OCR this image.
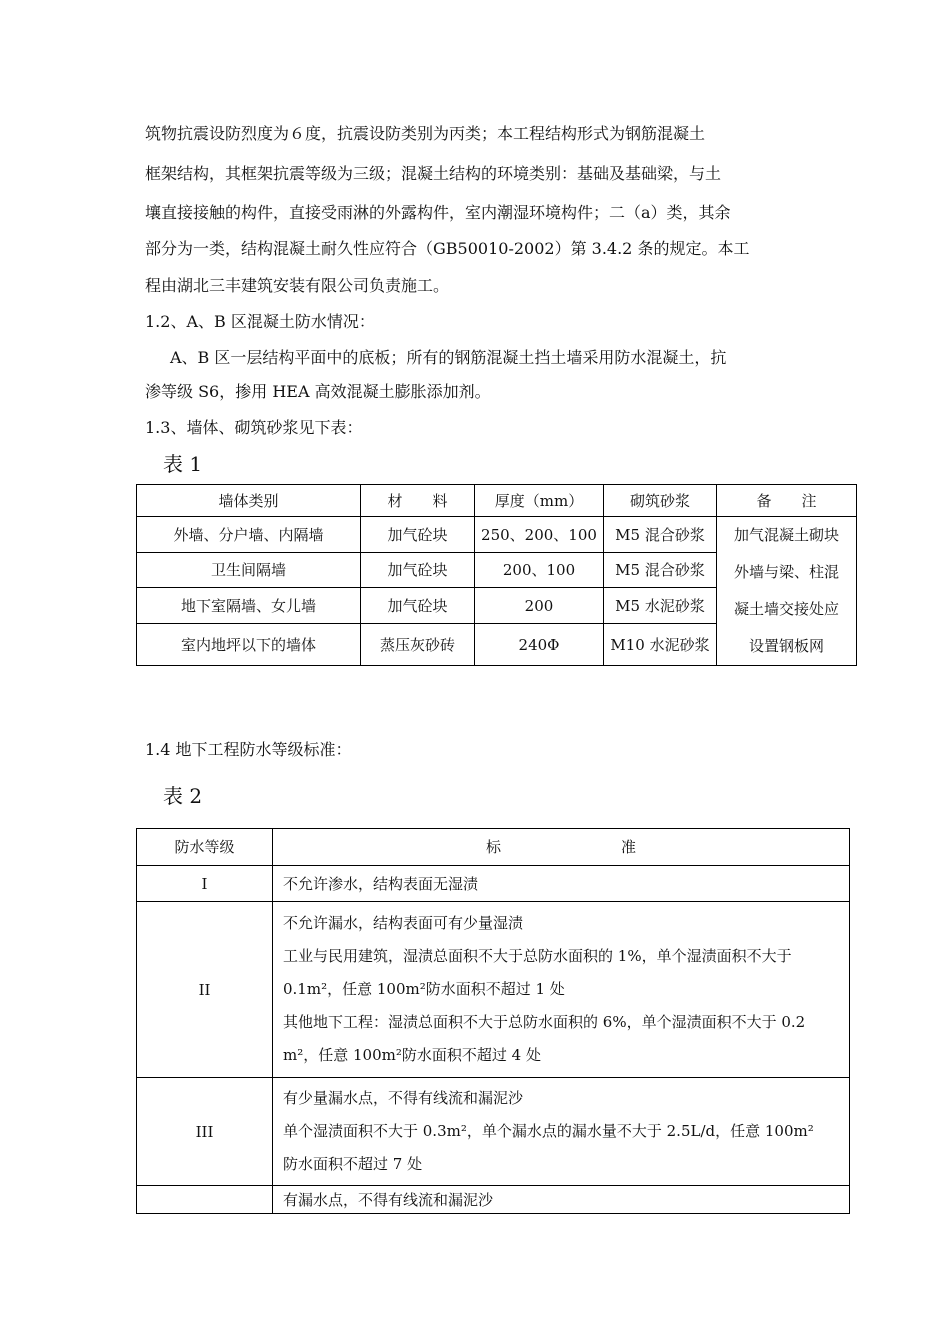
筑物抗震设防烈度为６度，抗震设防类别为丙类；本工程结构形式为钢筋混凝土
框架结构，其框架抗震等级为三级；混凝土结构的环境类别：基础及基础梁，与土
壤直接接触的构件，直接受雨淋的外露构件，室内潮湿环境构件；二（a）类，其余
部分为一类，结构混凝土耐久性应符合（GB50010-2002）第 3.4.2 条的规定。本工
程由湖北三丰建筑安装有限公司负责施工。
1.2、A、B 区混凝土防水情况：
A、B 区一层结构平面中的底板；所有的钢筋混凝土挡土墙采用防水混凝土，抗
渗等级 S6，掺用 HEA 高效混凝土膨胀添加剂。
1.3、墙体、砌筑砂浆见下表：
表 1
墙体类别	材　　料	厚度（mm）	砌筑砂浆	备　　注
外墙、分户墙、内隔墙	加气砼块	250、200、100	M5 混合砂浆	加气混凝土砌块
外墙与梁、柱混
凝土墙交接处应
设置钢板网

卫生间隔墙	加气砼块	200、100	M5 混合砂浆	
地下室隔墙、女儿墙	加气砼块	200	M5 水泥砂浆	
室内地坪以下的墙体	蒸压灰砂砖	240Φ	M10 水泥砂浆	
1.4 地下工程防水等级标准：
表 2
防水等级	标　　　　　　　　准
I	不允许渗水，结构表面无湿渍
II	不允许漏水，结构表面可有少量湿渍
工业与民用建筑，湿渍总面积不大于总防水面积的 1%，单个湿渍面积不大于
0.1m²，任意 100m²防水面积不超过 1 处
其他地下工程：湿渍总面积不大于总防水面积的 6%，单个湿渍面积不大于 0.2
m²，任意 100m²防水面积不超过 4 处

III	有少量漏水点，不得有线流和漏泥沙
单个湿渍面积不大于 0.3m²，单个漏水点的漏水量不大于 2.5L/d，任意 100m²
防水面积不超过 7 处

	有漏水点，不得有线流和漏泥沙
